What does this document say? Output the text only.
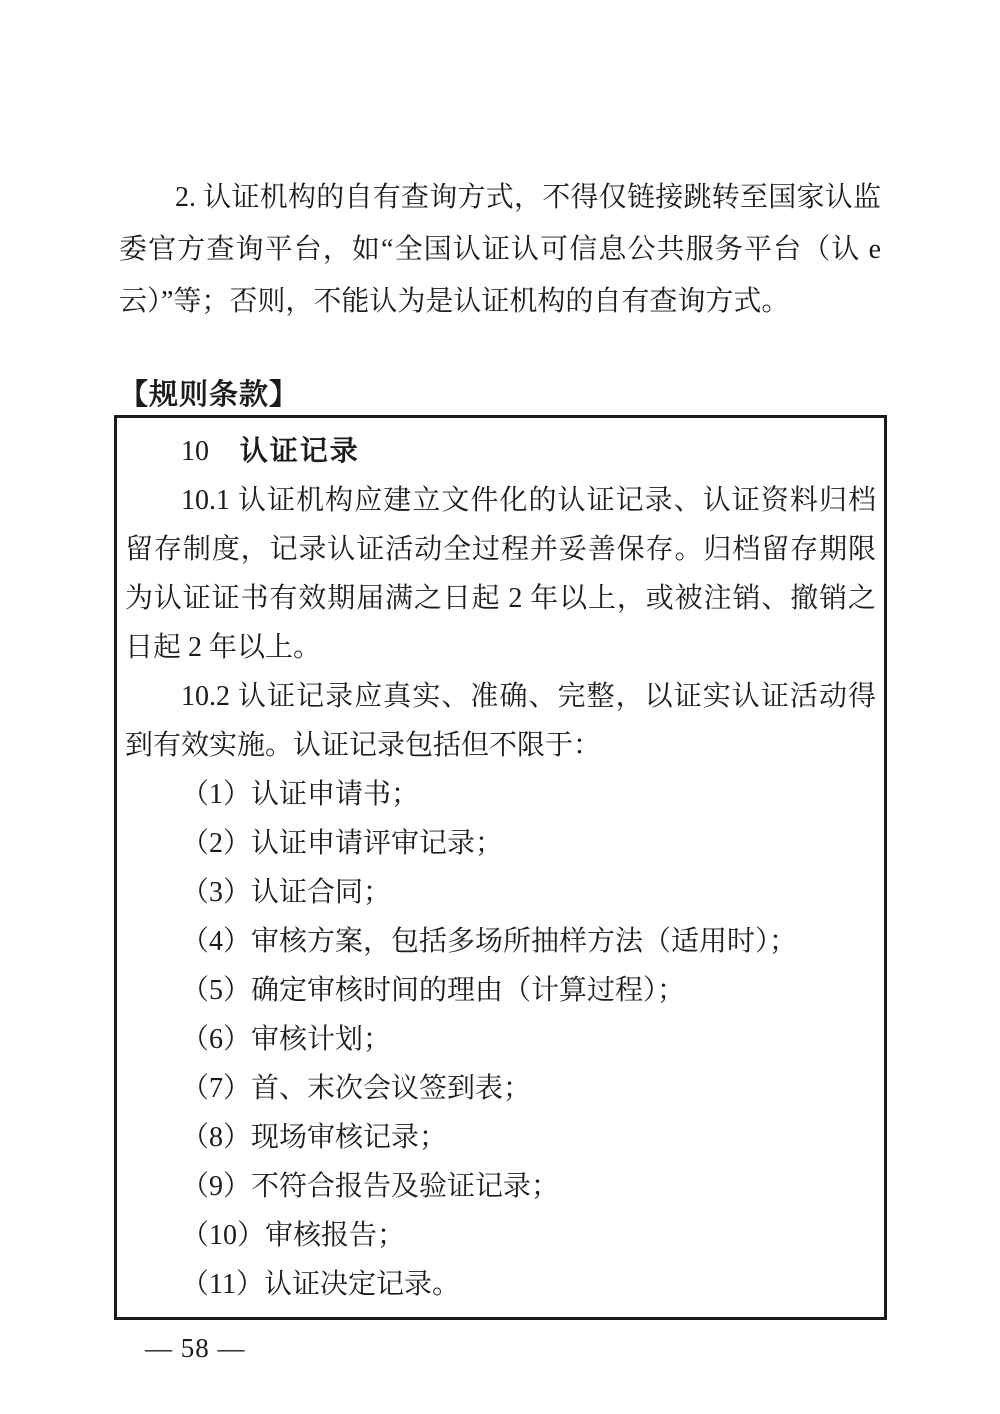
2. 认证机构的自有查询方式，不得仅链接跳转至国家认监委官方查询平台，如“全国认证认可信息公共服务平台（认 e 云）”等；否则，不能认为是认证机构的自有查询方式。

【规则条款】
10 认证记录

10.1 认证机构应建立文件化的认证记录、认证资料归档留存制度，记录认证活动全过程并妥善保存。归档留存期限为认证证书有效期届满之日起 2 年以上，或被注销、撤销之日起 2 年以上。

10.2 认证记录应真实、准确、完整，以证实认证活动得到有效实施。认证记录包括但不限于：

（1）认证申请书；

（2）认证申请评审记录；

（3）认证合同；

（4）审核方案，包括多场所抽样方法（适用时）；

（5）确定审核时间的理由（计算过程）；

（6）审核计划；

（7）首、末次会议签到表；

（8）现场审核记录；

（9）不符合报告及验证记录；

（10）审核报告；

（11）认证决定记录。

— 58 —
